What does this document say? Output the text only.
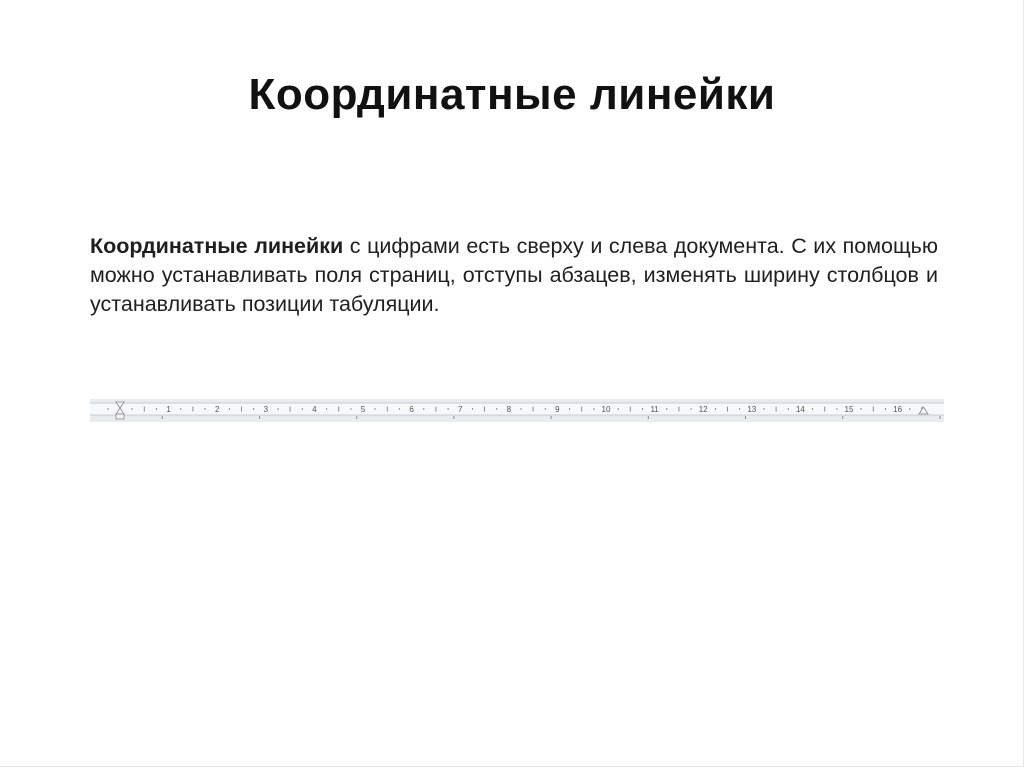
Координатные линейки
Координатные линейки с цифрами есть сверху и слева документа. С их помощью можно устанавливать поля страниц, отступы абзацев, изменять ширину столбцов и устанавливать позиции табуляции.
1	2	3	4	5	6	7	8	9	10	11	12	13	14	15	16
